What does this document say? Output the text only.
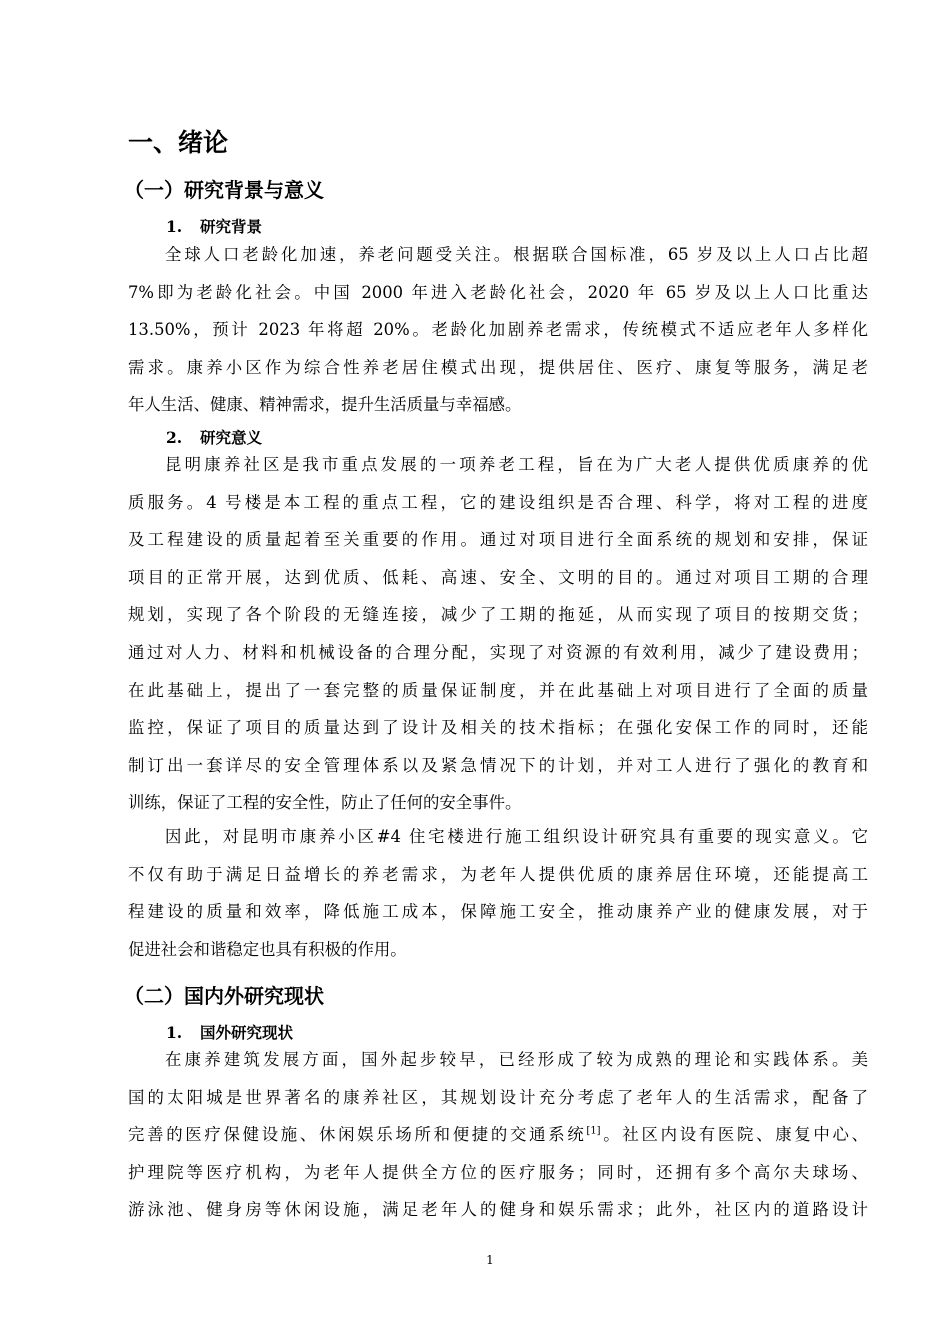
一、绪论
（一）研究背景与意义
1. 研究背景
全球人口老龄化加速，养老问题受关注。根据联合国标准，65 岁及以上人口占比超
7%即为老龄化社会。中国 2000 年进入老龄化社会，2020 年 65 岁及以上人口比重达
13.50%，预计 2023 年将超 20%。老龄化加剧养老需求，传统模式不适应老年人多样化
需求。康养小区作为综合性养老居住模式出现，提供居住、医疗、康复等服务，满足老
年人生活、健康、精神需求，提升生活质量与幸福感。
2. 研究意义
昆明康养社区是我市重点发展的一项养老工程，旨在为广大老人提供优质康养的优
质服务。4 号楼是本工程的重点工程，它的建设组织是否合理、科学，将对工程的进度
及工程建设的质量起着至关重要的作用。通过对项目进行全面系统的规划和安排，保证
项目的正常开展，达到优质、低耗、高速、安全、文明的目的。通过对项目工期的合理
规划，实现了各个阶段的无缝连接，减少了工期的拖延，从而实现了项目的按期交货；
通过对人力、材料和机械设备的合理分配，实现了对资源的有效利用，减少了建设费用；
在此基础上，提出了一套完整的质量保证制度，并在此基础上对项目进行了全面的质量
监控，保证了项目的质量达到了设计及相关的技术指标；在强化安保工作的同时，还能
制订出一套详尽的安全管理体系以及紧急情况下的计划，并对工人进行了强化的教育和
训练，保证了工程的安全性，防止了任何的安全事件。
因此，对昆明市康养小区#4 住宅楼进行施工组织设计研究具有重要的现实意义。它
不仅有助于满足日益增长的养老需求，为老年人提供优质的康养居住环境，还能提高工
程建设的质量和效率，降低施工成本，保障施工安全，推动康养产业的健康发展，对于
促进社会和谐稳定也具有积极的作用。
（二）国内外研究现状
1. 国外研究现状
在康养建筑发展方面，国外起步较早，已经形成了较为成熟的理论和实践体系。美
国的太阳城是世界著名的康养社区，其规划设计充分考虑了老年人的生活需求，配备了
完善的医疗保健设施、休闲娱乐场所和便捷的交通系统[1]。社区内设有医院、康复中心、
护理院等医疗机构，为老年人提供全方位的医疗服务；同时，还拥有多个高尔夫球场、
游泳池、健身房等休闲设施，满足老年人的健身和娱乐需求；此外，社区内的道路设计
1
